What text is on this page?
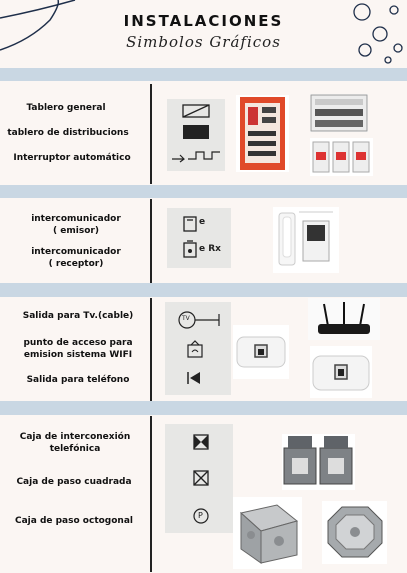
INSTALACIONES
Simbolos Gráficos
Tablero general
tablero de distribucions
Interruptor automático
intercomunicador
( emisor)
intercomunicador
( receptor)
e
e Rx
Salida para Tv.(cable)
punto de acceso para
emision sistema WIFI
Salida para teléfono
TV
Caja de interconexión
telefónica
Caja de paso cuadrada
Caja de paso octogonal
P
